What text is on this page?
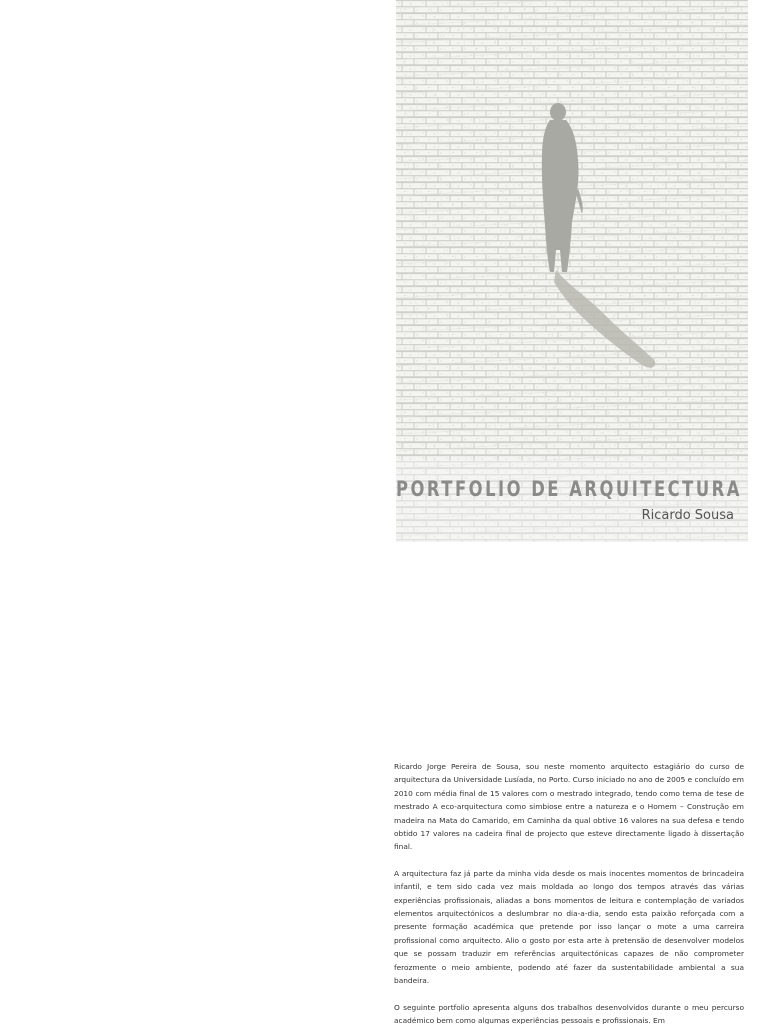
PORTFOLIO DE ARQUITECTURA
Ricardo Sousa

Ricardo Jorge Pereira de Sousa, sou neste momento arquitecto estagiário do curso de arquitectura da Universidade Lusíada, no Porto. Curso iniciado no ano de 2005 e concluído em 2010 com média final de 15 valores com o mestrado integrado, tendo como tema de tese de mestrado A eco-arquitectura como simbiose entre a natureza e o Homem – Construção em madeira na Mata do Camarido, em Caminha da qual obtive 16 valores na sua defesa e tendo obtido 17 valores na cadeira final de projecto que esteve directamente ligado à dissertação final.

A arquitectura faz já parte da minha vida desde os mais inocentes momentos de brincadeira infantil, e tem sido cada vez mais moldada ao longo dos tempos através das várias experiências profissionais, aliadas a bons momentos de leitura e contemplação de variados elementos arquitectónicos a deslumbrar no dia-a-dia, sendo esta paixão reforçada com a presente formação académica que pretende por isso lançar o mote a uma carreira profissional como arquitecto. Alio o gosto por esta arte à pretensão de desenvolver modelos que se possam traduzir em referências arquitectónicas capazes de não comprometer ferozmente o meio ambiente, podendo até fazer da sustentabilidade ambiental a sua bandeira.

O seguinte portfolio apresenta alguns dos trabalhos desenvolvidos durante o meu percurso académico bem como algumas experiências pessoais e profissionais. Em
